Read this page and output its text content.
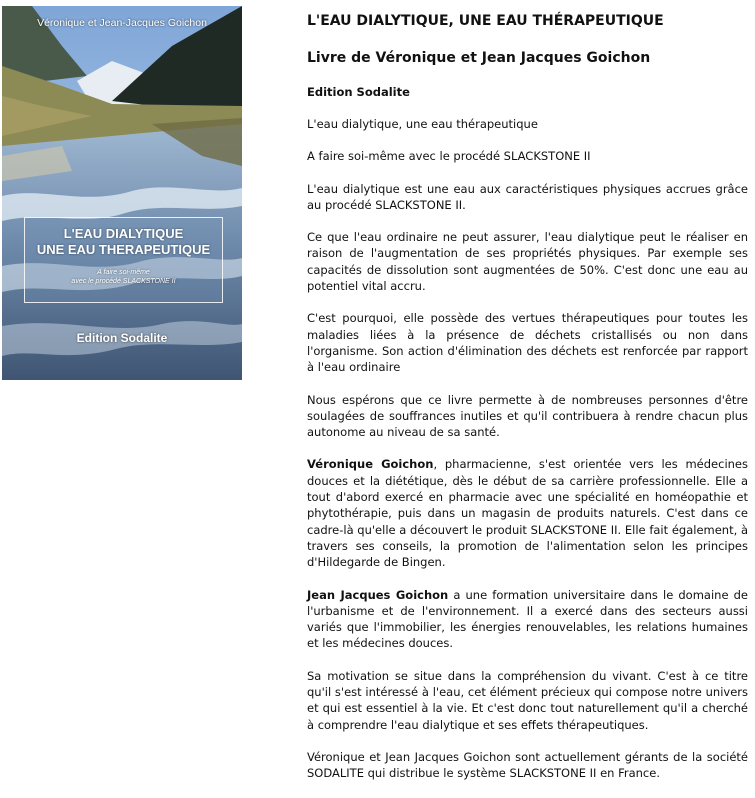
Véronique et Jean-Jacques Goichon
L'EAU DIALYTIQUE
UNE EAU THERAPEUTIQUE
A faire soi-même
avec le procédé SLACKSTONE II
Edition Sodalite
L'EAU DIALYTIQUE, UNE EAU THÉRAPEUTIQUE
Livre de Véronique et Jean Jacques Goichon
Edition Sodalite

L'eau dialytique, une eau thérapeutique

A faire soi-même avec le procédé SLACKSTONE II

L'eau dialytique est une eau aux caractéristiques physiques accrues grâce au procédé SLACKSTONE II.

Ce que l'eau ordinaire ne peut assurer, l'eau dialytique peut le réaliser en raison de l'augmentation de ses propriétés physiques. Par exemple ses capacités de dissolution sont augmentées de 50%. C'est donc une eau au potentiel vital accru.

C'est pourquoi, elle possède des vertues thérapeutiques pour toutes les maladies liées à la présence de déchets cristallisés ou non dans l'organisme. Son action d'élimination des déchets est renforcée par rapport à l'eau ordinaire

Nous espérons que ce livre permette à de nombreuses personnes d'être soulagées de souffrances inutiles et qu'il contribuera à rendre chacun plus autonome au niveau de sa santé.

Véronique Goichon, pharmacienne, s'est orientée vers les médecines douces et la diététique, dès le début de sa carrière professionnelle. Elle a tout d'abord exercé en pharmacie avec une spécialité en homéopathie et phytothérapie, puis dans un magasin de produits naturels. C'est dans ce cadre-là qu'elle a découvert le produit SLACKSTONE II. Elle fait également, à travers ses conseils, la promotion de l'alimentation selon les principes d'Hildegarde de Bingen.

Jean Jacques Goichon a une formation universitaire dans le domaine de l'urbanisme et de l'environnement. Il a exercé dans des secteurs aussi variés que l'immobilier, les énergies renouvelables, les relations humaines et les médecines douces.

Sa motivation se situe dans la compréhension du vivant. C'est à ce titre qu'il s'est intéressé à l'eau, cet élément précieux qui compose notre univers et qui est essentiel à la vie. Et c'est donc tout naturellement qu'il a cherché à comprendre l'eau dialytique et ses effets thérapeutiques.

Véronique et Jean Jacques Goichon sont actuellement gérants de la société SODALITE qui distribue le système SLACKSTONE II en France.
